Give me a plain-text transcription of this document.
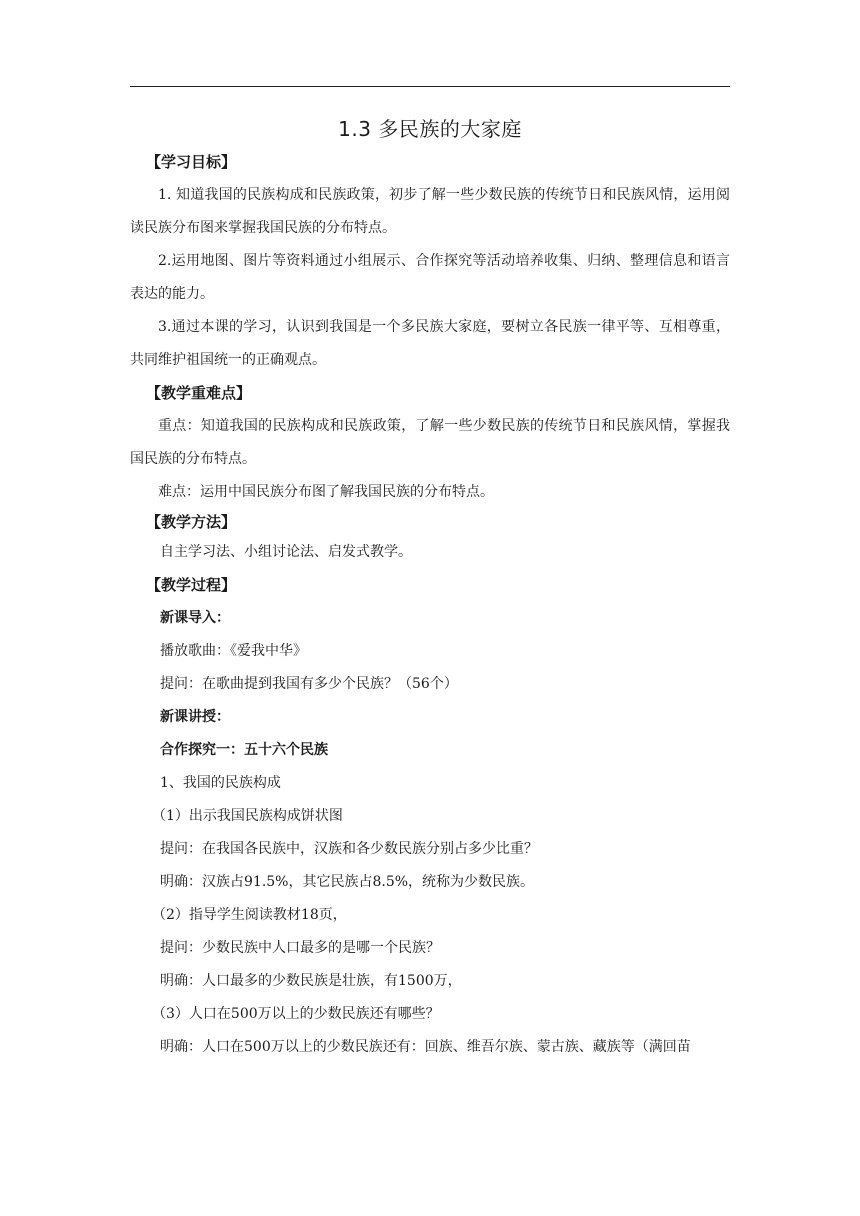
1.3 多民族的大家庭
【学习目标】

1. 知道我国的民族构成和民族政策，初步了解一些少数民族的传统节日和民族风情，运用阅读民族分布图来掌握我国民族的分布特点。

2.运用地图、图片等资料通过小组展示、合作探究等活动培养收集、归纳、整理信息和语言表达的能力。

3.通过本课的学习，认识到我国是一个多民族大家庭，要树立各民族一律平等、互相尊重，共同维护祖国统一的正确观点。

【教学重难点】

重点：知道我国的民族构成和民族政策，了解一些少数民族的传统节日和民族风情，掌握我国民族的分布特点。

难点：运用中国民族分布图了解我国民族的分布特点。

【教学方法】

自主学习法、小组讨论法、启发式教学。

【教学过程】

新课导入：

播放歌曲：《爱我中华》

提问：在歌曲提到我国有多少个民族？（56个）

新课讲授：

合作探究一：五十六个民族

1、我国的民族构成

（1）出示我国民族构成饼状图

提问：在我国各民族中，汉族和各少数民族分别占多少比重？

明确：汉族占91.5%，其它民族占8.5%，统称为少数民族。

（2）指导学生阅读教材18页，

提问：少数民族中人口最多的是哪一个民族？

明确：人口最多的少数民族是壮族，有1500万，

（3）人口在500万以上的少数民族还有哪些？

明确：人口在500万以上的少数民族还有：回族、维吾尔族、蒙古族、藏族等（满回苗
